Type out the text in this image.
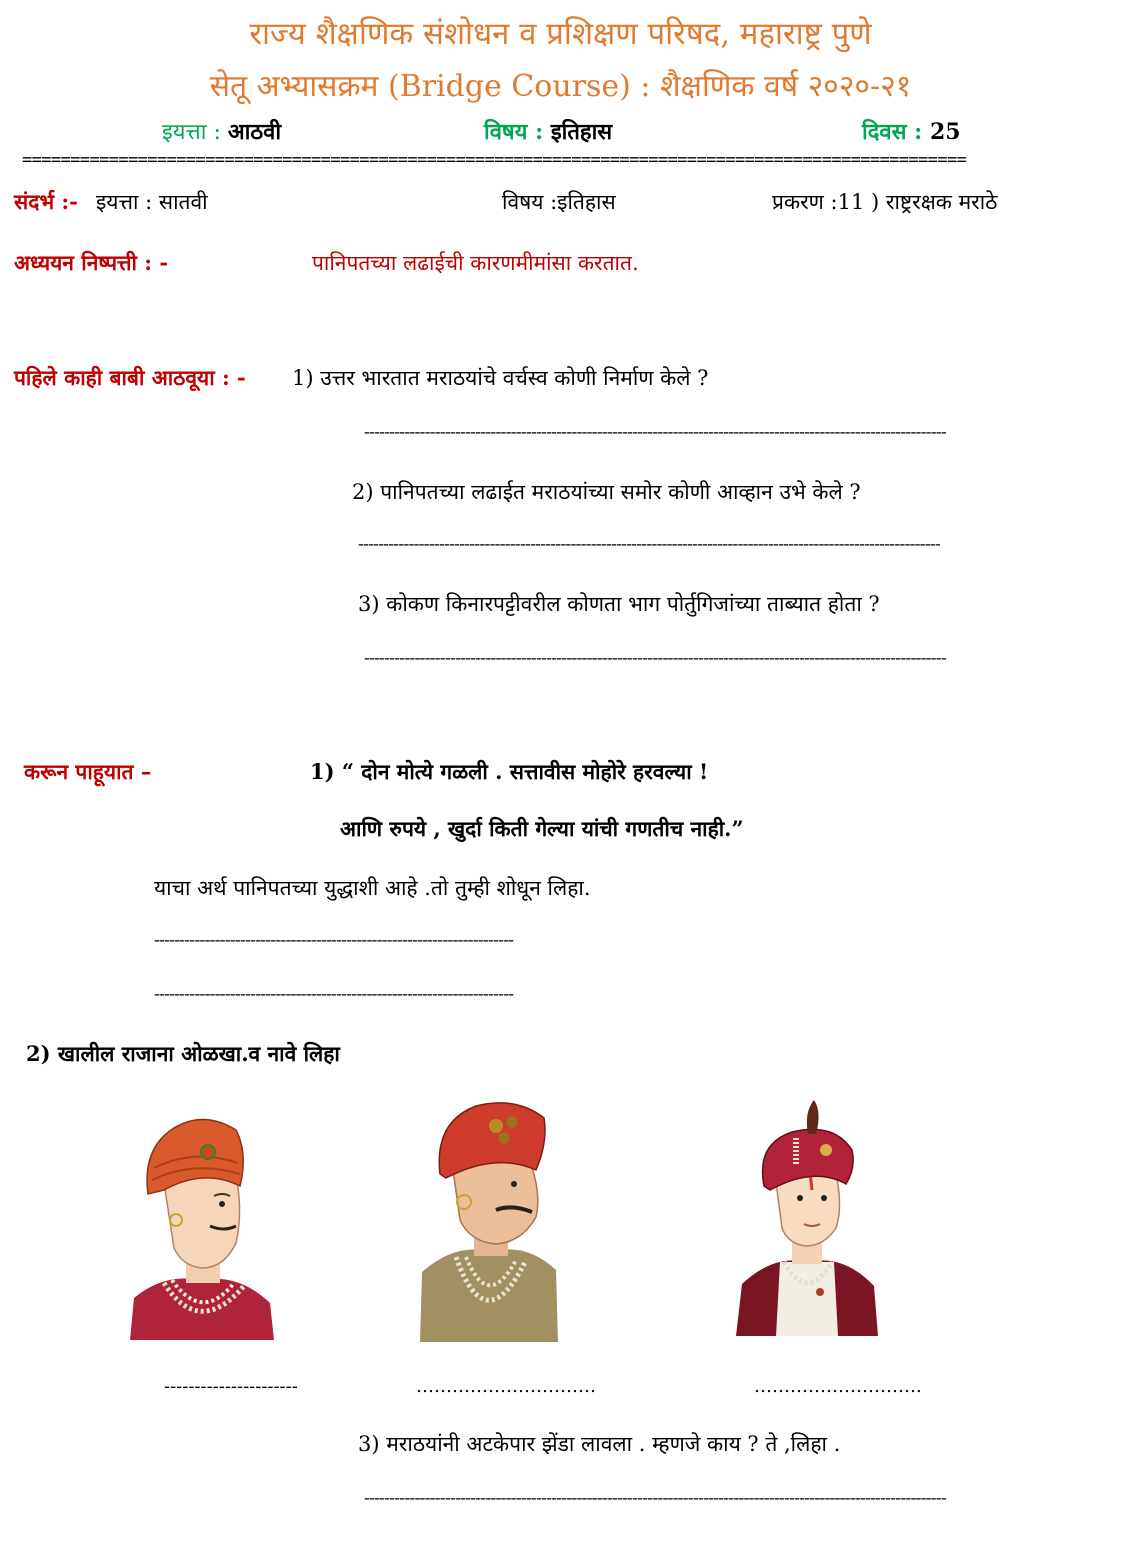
राज्य शैक्षणिक संशोधन व प्रशिक्षण परिषद, महाराष्ट्र पुणे
सेतू अभ्यासक्रम (Bridge Course) : शैक्षणिक वर्ष २०२०-२१
इयत्ता : आठवी	विषय : इतिहास	दिवस : 25
==================================================================================================
संदर्भ :- इयत्ता : सातवी	विषय :इतिहास	प्रकरण :11 ) राष्ट्ररक्षक मराठे
अध्ययन निष्पत्ती : -	पानिपतच्या लढाईची कारणमीमांसा करतात.
पहिले काही बाबी आठवूया : - 1) उत्तर भारतात मराठयांचे वर्चस्व कोणी निर्माण केले ?
-------------------------------------------------------------------------------------------------------------------
2) पानिपतच्या लढाईत मराठयांच्या समोर कोणी आव्हान उभे केले ?
-------------------------------------------------------------------------------------------------------------------
3) कोकण किनारपट्टीवरील कोणता भाग पोर्तुगिजांच्या ताब्यात होता ?
-------------------------------------------------------------------------------------------------------------------
करून पाहूयात –	1) “ दोन मोत्ये गळली . सत्तावीस मोहोरे हरवल्या !
आणि रुपये , खुर्दा किती गेल्या यांची गणतीच नाही.”
याचा अर्थ पानिपतच्या युद्धाशी आहे .तो तुम्ही शोधून लिहा.
-----------------------------------------------------------------------
-----------------------------------------------------------------------
2) खालील राजाना ओळखा.व नावे लिहा
----------------------	…………………………	……………………….
3) मराठयांनी अटकेपार झेंडा लावला . म्हणजे काय ? ते ,लिहा .
-------------------------------------------------------------------------------------------------------------------
